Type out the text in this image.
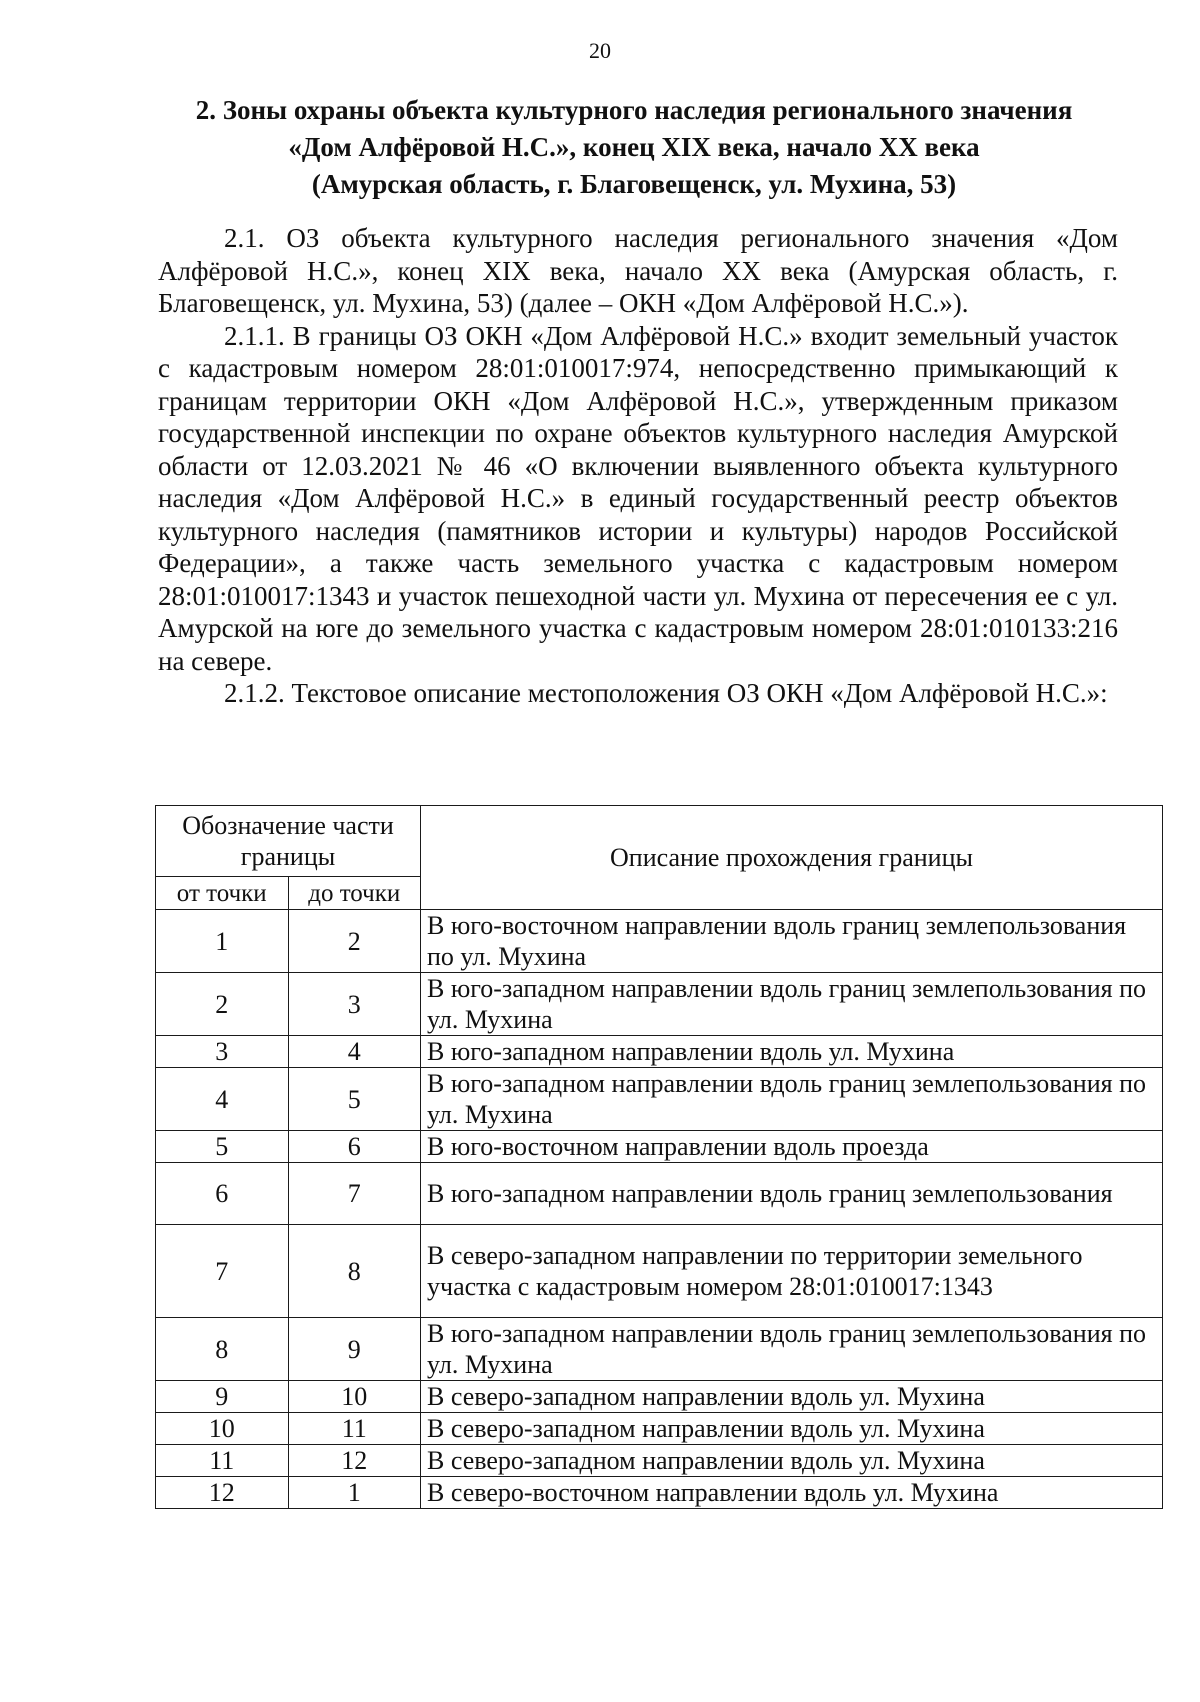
20
2. Зоны охраны объекта культурного наследия регионального значения
«Дом Алфёровой Н.С.», конец XIX века, начало XX века
(Амурская область, г. Благовещенск, ул. Мухина, 53)

2.1. ОЗ объекта культурного наследия регионального значения «Дом Алфёровой Н.С.», конец XIX века, начало XX века (Амурская область, г. Благовещенск, ул. Мухина, 53) (далее – ОКН «Дом Алфёровой Н.С.»).

2.1.1. В границы ОЗ ОКН «Дом Алфёровой Н.С.» входит земельный участок с кадастровым номером 28:01:010017:974, непосредственно примыкающий к границам территории ОКН «Дом Алфёровой Н.С.», утвержденным приказом государственной инспекции по охране объектов культурного наследия Амурской области от 12.03.2021 № 46 «О включении выявленного объекта культурного наследия «Дом Алфёровой Н.С.» в единый государственный реестр объектов культурного наследия (памятников истории и культуры) народов Российской Федерации», а также часть земельного участка с кадастровым номером 28:01:010017:1343 и участок пешеходной части ул. Мухина от пересечения ее с ул. Амурской на юге до земельного участка с кадастровым номером 28:01:010133:216 на севере.

2.1.2. Текстовое описание местоположения ОЗ ОКН «Дом Алфёровой Н.С.»:

Обозначение части границы		Описание прохождения границы
от точки	до точки	
1	2	В юго-восточном направлении вдоль границ землепользования по ул. Мухина
2	3	В юго-западном направлении вдоль границ землепользования по ул. Мухина
3	4	В юго-западном направлении вдоль ул. Мухина
4	5	В юго-западном направлении вдоль границ землепользования по ул. Мухина
5	6	В юго-восточном направлении вдоль проезда
6	7	В юго-западном направлении вдоль границ землепользования
7	8	В северо-западном направлении по территории земельного участка с кадастровым номером 28:01:010017:1343
8	9	В юго-западном направлении вдоль границ землепользования по ул. Мухина
9	10	В северо-западном направлении вдоль ул. Мухина
10	11	В северо-западном направлении вдоль ул. Мухина
11	12	В северо-западном направлении вдоль ул. Мухина
12	1	В северо-восточном направлении вдоль ул. Мухина
